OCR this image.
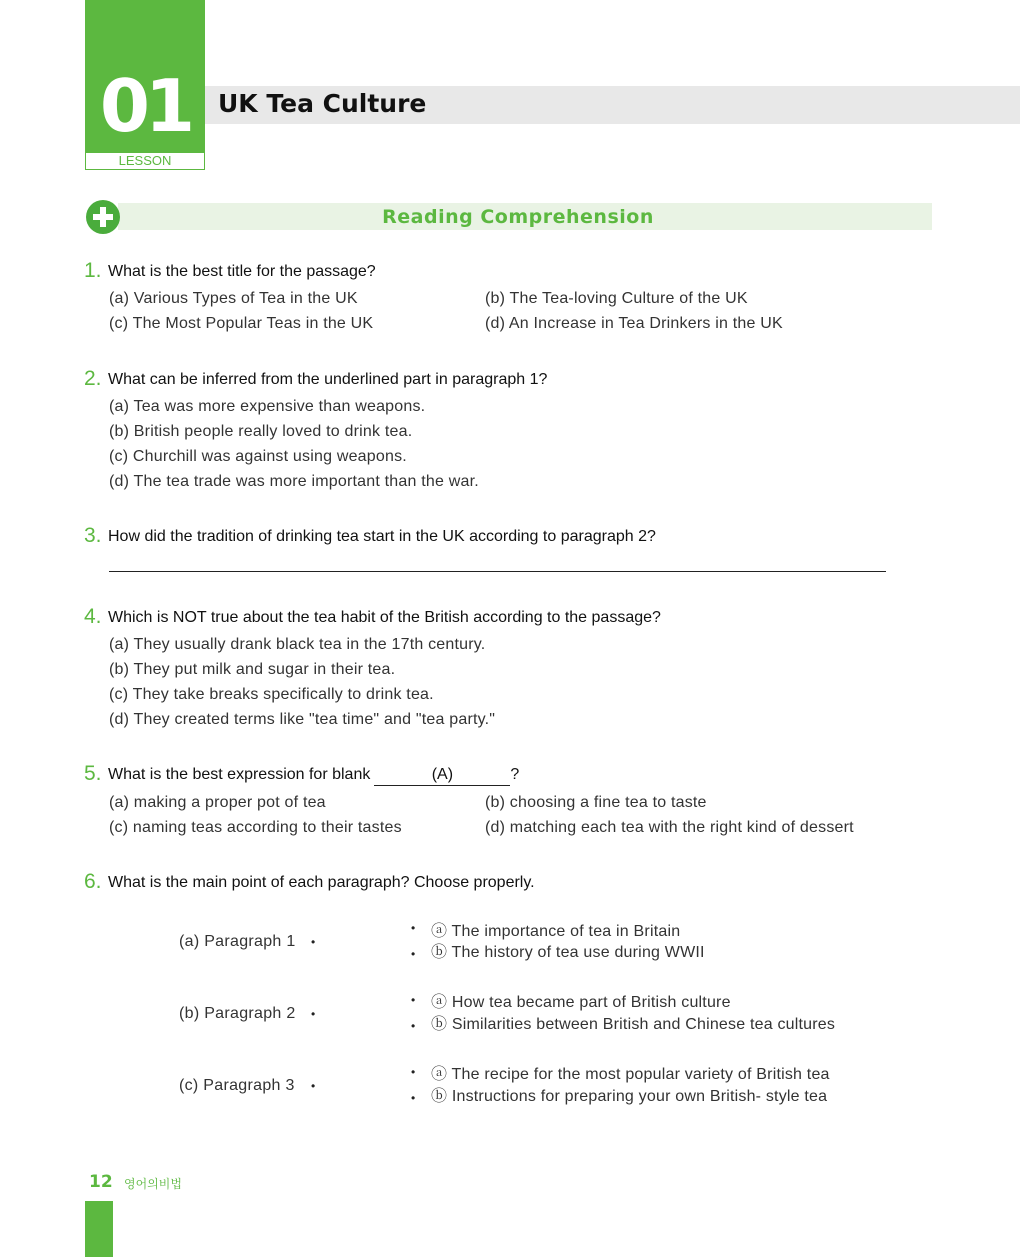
01
LESSON
UK Tea Culture
Reading Comprehension
1. What is the best title for the passage?
(a) Various Types of Tea in the UK	(b) The Tea-loving Culture of the UK
(c) The Most Popular Teas in the UK	(d) An Increase in Tea Drinkers in the UK
2. What can be inferred from the underlined part in paragraph 1?
(a) Tea was more expensive than weapons.
(b) British people really loved to drink tea.
(c) Churchill was against using weapons.
(d) The tea trade was more important than the war.
3. How did the tradition of drinking tea start in the UK according to paragraph 2?
4. Which is NOT true about the tea habit of the British according to the passage?
(a) They usually drank black tea in the 17th century.
(b) They put milk and sugar in their tea.
(c) They take breaks specifically to drink tea.
(d) They created terms like "tea time" and "tea party."
5. What is the best expression for blank	(A)	?
(a) making a proper pot of tea	(b) choosing a fine tea to taste
(c) naming teas according to their tastes	(d) matching each tea with the right kind of dessert
6. What is the main point of each paragraph? Choose properly.
(a) Paragraph 1 •
• ⓐ The importance of tea in Britain
• ⓑ The history of tea use during WWII
(b) Paragraph 2 •
• ⓐ How tea became part of British culture
• ⓑ Similarities between British and Chinese tea cultures
(c) Paragraph 3 •
• ⓐ The recipe for the most popular variety of British tea
• ⓑ Instructions for preparing your own British- style tea
12 영어의비법
